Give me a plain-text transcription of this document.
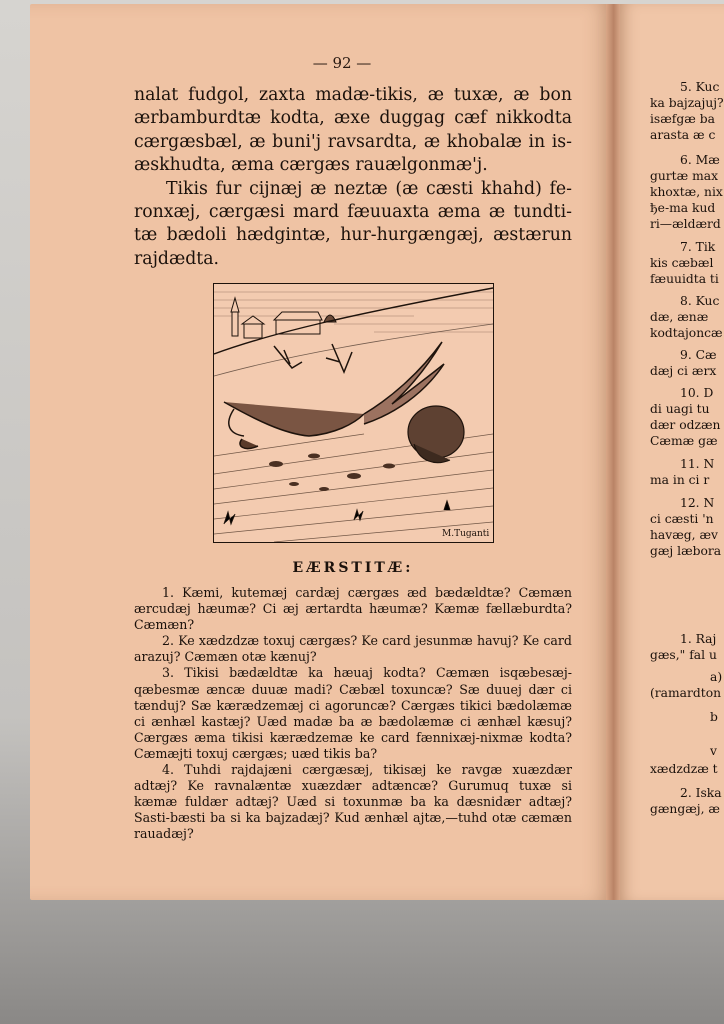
— 92 —

nalat fudgol, zaxta madæ-tikis, æ tuxæ, æ bon
ærbamburdtæ kodta, æxe duggag cæf nikkodta
cærgæsbæl, æ buni'j ravsardta, æ khobalæ in is-
æskhudta, æma cærgæs rauælgonmæ'j.

Tikis fur cijnæj æ neztæ (æ cæsti khahd) fe-
ronxæj, cærgæsi mard fæuuaxta æma æ tundti-
tæ bædoli hædgintæ, hur-hurgængæj, æstærun
rajdædta.

M.Tuganti
EÆRSTITÆ:

1. Kæmi, kutemæj cardæj cærgæs æd bædældtæ? Cæmæn ærcudæj hæumæ? Ci æj ærtardta hæumæ? Kæmæ fællæburdta? Cæmæn?

2. Ke xædzdzæ toxuj cærgæs? Ke card jesunmæ havuj? Ke card arazuj? Cæmæn otæ kænuj?

3. Tikisi bædældtæ ka hæuaj kodta? Cæmæn isqæbesæj-qæbesmæ æncæ duuæ madi? Cæbæl toxuncæ? Sæ duuej dær ci tænduj? Sæ kærædzemæj ci agoruncæ? Cærgæs tikici bædolæmæ ci ænhæl kastæj? Uæd madæ ba æ bædolæmæ ci ænhæl kæsuj? Cærgæs æma tikisi kærædzemæ ke card fænnixæj-nixmæ kodta? Cæmæjti toxuj cærgæs; uæd tikis ba?

4. Tuhdi rajdajæni cærgæsæj, tikisæj ke ravgæ xuæzdær adtæj? Ke ravnalæntæ xuæzdær adtæncæ? Gurumuq tuxæ si kæmæ fuldær adtæj? Uæd si toxunmæ ba ka dæsnidær adtæj? Sasti-bæsti ba si ka bajzadæj? Kud ænhæl ajtæ,—tuhd otæ cæmæn rauadæj?

5. Kuc
ka bajzajuj?
isæfgæ ba
arasta æ c
6. Mæ
gurtæ max
khoxtæ, nix
ђe-ma kud
ri—ældærd
7. Tik
kis cæbæl
fæuuidta ti
8. Kuc
dæ, ænæ
kodtajoncæ
9. Cæ
dæj ci ærx
10. D
di uagi tu
dær odzæn
Cæmæ gæ
11. N
ma in ci r
12. N
ci cæsti 'n
havæg, æv
gæj læbora
1. Raj
gæs," fal u
a)
(ramardton
b
v
xædzdzæ t
2. Iska
gængæj, æ
